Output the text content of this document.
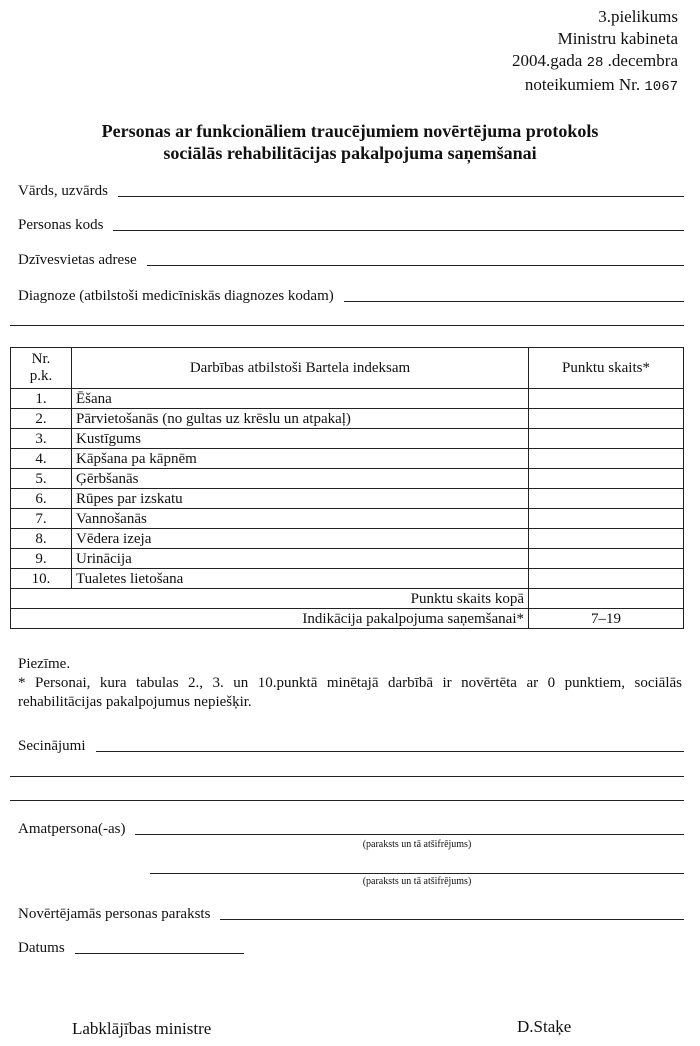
3.pielikums
Ministru kabineta
2004.gada 28 .decembra
noteikumiem Nr. 1067
Personas ar funkcionāliem traucējumiem novērtējuma protokols
sociālās rehabilitācijas pakalpojuma saņemšanai
Vārds, uzvārds
Personas kods
Dzīvesvietas adrese
Diagnoze (atbilstoši medicīniskās diagnozes kodam)
Nr.
p.k.	Darbības atbilstoši Bartela indeksam	Punktu skaits*
1.	Ēšana	
2.	Pārvietošanās (no gultas uz krēslu un atpakaļ)	
3.	Kustīgums	
4.	Kāpšana pa kāpnēm	
5.	Ģērbšanās	
6.	Rūpes par izskatu	
7.	Vannošanās	
8.	Vēdera izeja	
9.	Urinācija	
10.	Tualetes lietošana	
Punktu skaits kopā		
Indikācija pakalpojuma saņemšanai*		7–19
Piezīme.
* Personai, kura tabulas 2., 3. un 10.punktā minētajā darbībā ir novērtēta ar 0 punktiem, sociālās rehabilitācijas pakalpojumus nepiešķir.
Secinājumi
Amatpersona(-as)
(paraksts un tā atšifrējums)
(paraksts un tā atšifrējums)
Novērtējamās personas paraksts
Datums
Labklājības ministre	D.Staķe
